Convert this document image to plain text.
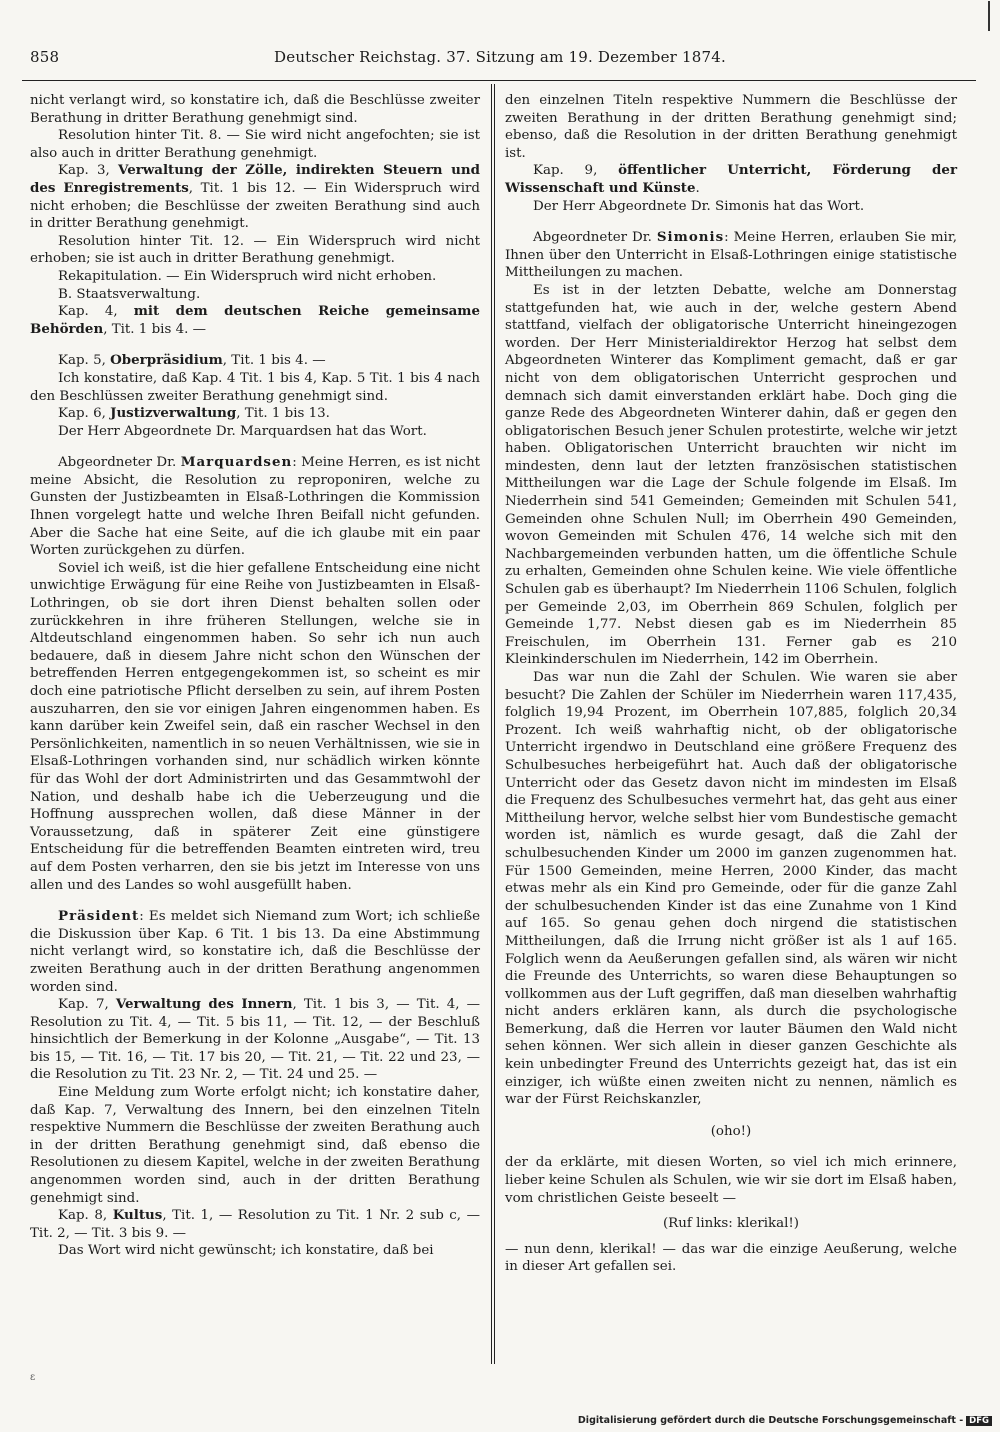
858	Deutscher Reichstag. 37. Sitzung am 19. Dezember 1874.

nicht verlangt wird, so konstatire ich, daß die Beschlüsse zweiter Berathung in dritter Berathung genehmigt sind.

Resolution hinter Tit. 8. — Sie wird nicht angefochten; sie ist also auch in dritter Berathung genehmigt.

Kap. 3, Verwaltung der Zölle, indirekten Steuern und des Enregistrements, Tit. 1 bis 12. — Ein Widerspruch wird nicht erhoben; die Beschlüsse der zweiten Berathung sind auch in dritter Berathung genehmigt.

Resolution hinter Tit. 12. — Ein Widerspruch wird nicht erhoben; sie ist auch in dritter Berathung genehmigt.

Rekapitulation. — Ein Widerspruch wird nicht erhoben.

B. Staatsverwaltung.

Kap. 4, mit dem deutschen Reiche gemeinsame Behörden, Tit. 1 bis 4. —

Kap. 5, Oberpräsidium, Tit. 1 bis 4. —

Ich konstatire, daß Kap. 4 Tit. 1 bis 4, Kap. 5 Tit. 1 bis 4 nach den Beschlüssen zweiter Berathung genehmigt sind.

Kap. 6, Justizverwaltung, Tit. 1 bis 13.

Der Herr Abgeordnete Dr. Marquardsen hat das Wort.

Abgeordneter Dr. Marquardsen: Meine Herren, es ist nicht meine Absicht, die Resolution zu reproponiren, welche zu Gunsten der Justizbeamten in Elsaß-Lothringen die Kommission Ihnen vorgelegt hatte und welche Ihren Beifall nicht gefunden. Aber die Sache hat eine Seite, auf die ich glaube mit ein paar Worten zurückgehen zu dürfen.

Soviel ich weiß, ist die hier gefallene Entscheidung eine nicht unwichtige Erwägung für eine Reihe von Justizbeamten in Elsaß-Lothringen, ob sie dort ihren Dienst behalten sollen oder zurückkehren in ihre früheren Stellungen, welche sie in Altdeutschland eingenommen haben. So sehr ich nun auch bedauere, daß in diesem Jahre nicht schon den Wünschen der betreffenden Herren entgegengekommen ist, so scheint es mir doch eine patriotische Pflicht derselben zu sein, auf ihrem Posten auszuharren, den sie vor einigen Jahren eingenommen haben. Es kann darüber kein Zweifel sein, daß ein rascher Wechsel in den Persönlichkeiten, namentlich in so neuen Verhältnissen, wie sie in Elsaß-Lothringen vorhanden sind, nur schädlich wirken könnte für das Wohl der dort Administrirten und das Gesammtwohl der Nation, und deshalb habe ich die Ueberzeugung und die Hoffnung aussprechen wollen, daß diese Männer in der Voraussetzung, daß in späterer Zeit eine günstigere Entscheidung für die betreffenden Beamten eintreten wird, treu auf dem Posten verharren, den sie bis jetzt im Interesse von uns allen und des Landes so wohl ausgefüllt haben.

Präsident: Es meldet sich Niemand zum Wort; ich schließe die Diskussion über Kap. 6 Tit. 1 bis 13. Da eine Abstimmung nicht verlangt wird, so konstatire ich, daß die Beschlüsse der zweiten Berathung auch in der dritten Berathung angenommen worden sind.

Kap. 7, Verwaltung des Innern, Tit. 1 bis 3, — Tit. 4, — Resolution zu Tit. 4, — Tit. 5 bis 11, — Tit. 12, — der Beschluß hinsichtlich der Bemerkung in der Kolonne „Ausgabe“, — Tit. 13 bis 15, — Tit. 16, — Tit. 17 bis 20, — Tit. 21, — Tit. 22 und 23, — die Resolution zu Tit. 23 Nr. 2, — Tit. 24 und 25. —

Eine Meldung zum Worte erfolgt nicht; ich konstatire daher, daß Kap. 7, Verwaltung des Innern, bei den einzelnen Titeln respektive Nummern die Beschlüsse der zweiten Berathung auch in der dritten Berathung genehmigt sind, daß ebenso die Resolutionen zu diesem Kapitel, welche in der zweiten Berathung angenommen worden sind, auch in der dritten Berathung genehmigt sind.

Kap. 8, Kultus, Tit. 1, — Resolution zu Tit. 1 Nr. 2 sub c, — Tit. 2, — Tit. 3 bis 9. —

Das Wort wird nicht gewünscht; ich konstatire, daß bei

den einzelnen Titeln respektive Nummern die Beschlüsse der zweiten Berathung in der dritten Berathung genehmigt sind; ebenso, daß die Resolution in der dritten Berathung genehmigt ist.

Kap. 9, öffentlicher Unterricht, Förderung der Wissenschaft und Künste.

Der Herr Abgeordnete Dr. Simonis hat das Wort.

Abgeordneter Dr. Simonis: Meine Herren, erlauben Sie mir, Ihnen über den Unterricht in Elsaß-Lothringen einige statistische Mittheilungen zu machen.

Es ist in der letzten Debatte, welche am Donnerstag stattgefunden hat, wie auch in der, welche gestern Abend stattfand, vielfach der obligatorische Unterricht hineingezogen worden. Der Herr Ministerialdirektor Herzog hat selbst dem Abgeordneten Winterer das Kompliment gemacht, daß er gar nicht von dem obligatorischen Unterricht gesprochen und demnach sich damit einverstanden erklärt habe. Doch ging die ganze Rede des Abgeordneten Winterer dahin, daß er gegen den obligatorischen Besuch jener Schulen protestirte, welche wir jetzt haben. Obligatorischen Unterricht brauchten wir nicht im mindesten, denn laut der letzten französischen statistischen Mittheilungen war die Lage der Schule folgende im Elsaß. Im Niederrhein sind 541 Gemeinden; Gemeinden mit Schulen 541, Gemeinden ohne Schulen Null; im Oberrhein 490 Gemeinden, wovon Gemeinden mit Schulen 476, 14 welche sich mit den Nachbargemeinden verbunden hatten, um die öffentliche Schule zu erhalten, Gemeinden ohne Schulen keine. Wie viele öffentliche Schulen gab es überhaupt? Im Niederrhein 1106 Schulen, folglich per Gemeinde 2,03, im Oberrhein 869 Schulen, folglich per Gemeinde 1,77. Nebst diesen gab es im Niederrhein 85 Freischulen, im Oberrhein 131. Ferner gab es 210 Kleinkinderschulen im Niederrhein, 142 im Oberrhein.

Das war nun die Zahl der Schulen. Wie waren sie aber besucht? Die Zahlen der Schüler im Niederrhein waren 117,435, folglich 19,94 Prozent, im Oberrhein 107,885, folglich 20,34 Prozent. Ich weiß wahrhaftig nicht, ob der obligatorische Unterricht irgendwo in Deutschland eine größere Frequenz des Schulbesuches herbeigeführt hat. Auch daß der obligatorische Unterricht oder das Gesetz davon nicht im mindesten im Elsaß die Frequenz des Schulbesuches vermehrt hat, das geht aus einer Mittheilung hervor, welche selbst hier vom Bundestische gemacht worden ist, nämlich es wurde gesagt, daß die Zahl der schulbesuchenden Kinder um 2000 im ganzen zugenommen hat. Für 1500 Gemeinden, meine Herren, 2000 Kinder, das macht etwas mehr als ein Kind pro Gemeinde, oder für die ganze Zahl der schulbesuchenden Kinder ist das eine Zunahme von 1 Kind auf 165. So genau gehen doch nirgend die statistischen Mittheilungen, daß die Irrung nicht größer ist als 1 auf 165. Folglich wenn da Aeußerungen gefallen sind, als wären wir nicht die Freunde des Unterrichts, so waren diese Behauptungen so vollkommen aus der Luft gegriffen, daß man dieselben wahrhaftig nicht anders erklären kann, als durch die psychologische Bemerkung, daß die Herren vor lauter Bäumen den Wald nicht sehen können. Wer sich allein in dieser ganzen Geschichte als kein unbedingter Freund des Unterrichts gezeigt hat, das ist ein einziger, ich wüßte einen zweiten nicht zu nennen, nämlich es war der Fürst Reichskanzler,

(oho!)

der da erklärte, mit diesen Worten, so viel ich mich erinnere, lieber keine Schulen als Schulen, wie wir sie dort im Elsaß haben, vom christlichen Geiste beseelt —

(Ruf links: klerikal!)

— nun denn, klerikal! — das war die einzige Aeußerung, welche in dieser Art gefallen sei.

ε
Digitalisierung gefördert durch die Deutsche Forschungsgemeinschaft - DFG
